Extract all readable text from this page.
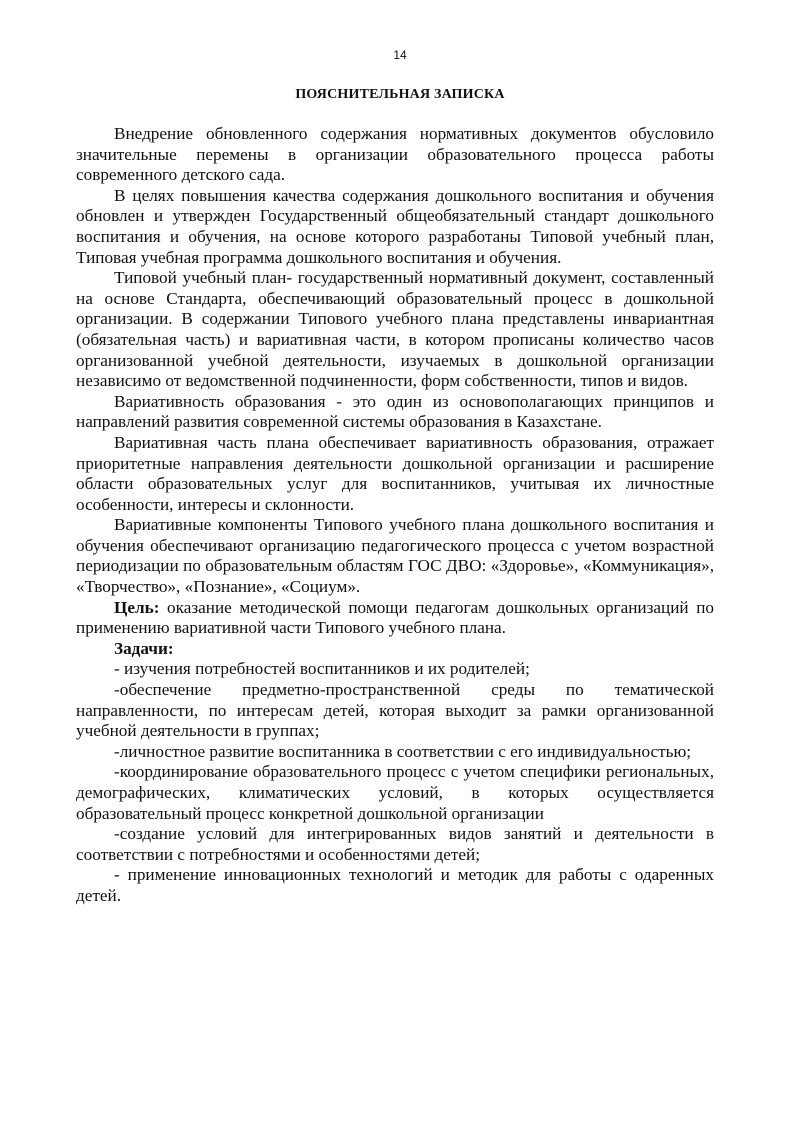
14
ПОЯСНИТЕЛЬНАЯ ЗАПИСКА

Внедрение обновленного содержания нормативных документов обусловило значительные перемены в организации образовательного процесса работы современного детского сада.

В целях повышения качества содержания дошкольного воспитания и обучения обновлен и утвержден Государственный общеобязательный стандарт дошкольного воспитания и обучения, на основе которого разработаны Типовой учебный план, Типовая учебная программа дошкольного воспитания и обучения.

Типовой учебный план- государственный нормативный документ, составленный на основе Стандарта, обеспечивающий образовательный процесс в дошкольной организации. В содержании Типового учебного плана представлены инвариантная (обязательная часть) и вариативная части, в котором прописаны количество часов организованной учебной деятельности, изучаемых в дошкольной организации независимо от ведомственной подчиненности, форм собственности, типов и видов.

Вариативность образования - это один из основополагающих принципов и направлений развития современной системы образования в Казахстане.

Вариативная часть плана обеспечивает вариативность образования, отражает приоритетные направления деятельности дошкольной организации и расширение области образовательных услуг для воспитанников, учитывая их личностные особенности, интересы и склонности.

Вариативные компоненты Типового учебного плана дошкольного воспитания и обучения обеспечивают организацию педагогического процесса с учетом возрастной периодизации по образовательным областям ГОС ДВО: «Здоровье», «Коммуникация», «Творчество», «Познание», «Социум».

Цель: оказание методической помощи педагогам дошкольных организаций по применению вариативной части Типового учебного плана.

Задачи:

- изучения потребностей воспитанников и их родителей;

-обеспечение предметно-пространственной среды по тематической направленности, по интересам детей, которая выходит за рамки организованной учебной деятельности в группах;

-личностное развитие воспитанника в соответствии с его индивидуальностью;

-координирование образовательного процесс с учетом специфики региональных, демографических, климатических условий, в которых осуществляется образовательный процесс конкретной дошкольной организации

-создание условий для интегрированных видов занятий и деятельности в соответствии с потребностями и особенностями детей;

- применение инновационных технологий и методик для работы с одаренных детей.
